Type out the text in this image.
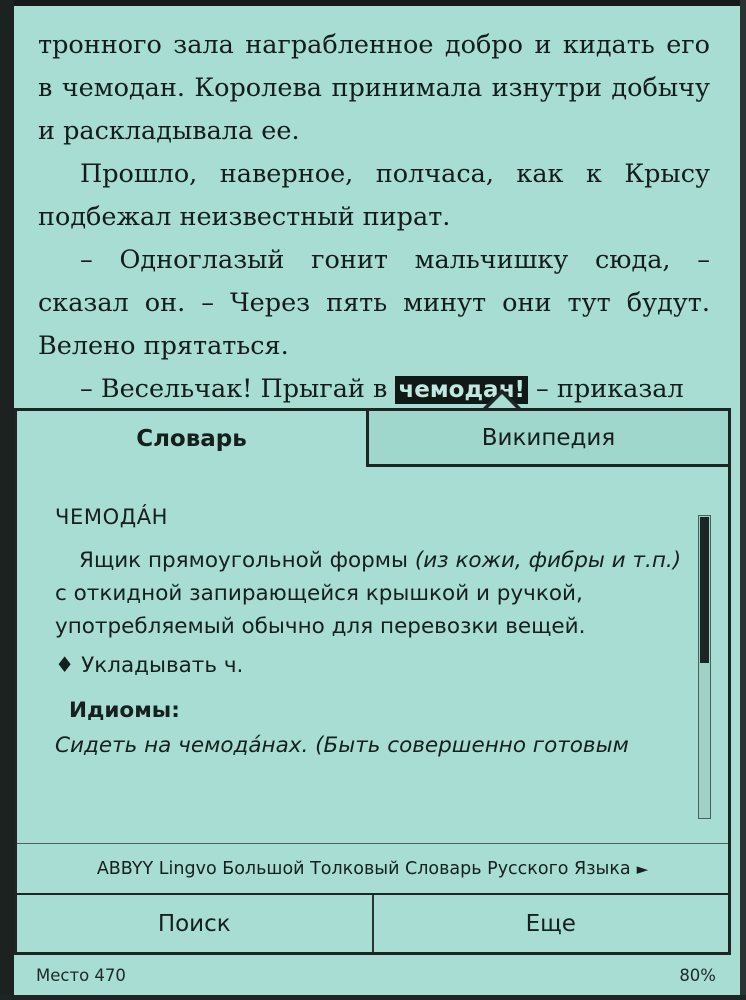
тронного зала награбленное добро и кидать его в чемодан. Королева принимала изнутри добычу и раскладывала ее.

Прошло, наверное, полчаса, как к Крысу подбежал неизвестный пират.

– Одноглазый гонит мальчишку сюда, – сказал он. – Через пять минут они тут будут. Велено прятаться.

– Весельчак! Прыгай в чемодан! – приказал

Словарь	Википедия
ЧЕМОДÁН

Ящик прямоугольной формы (из кожи, фибры и т.п.) с откидной запирающейся крышкой и ручкой, употребляемый обычно для перевозки вещей.

♦ Укладывать ч.
Идиомы:
Сидеть на чемодáнах. (Быть совершенно готовым
ABBYY Lingvo Большой Толковый Словарь Русского Языка ►
Поиск	Еще
Место 470	80%
